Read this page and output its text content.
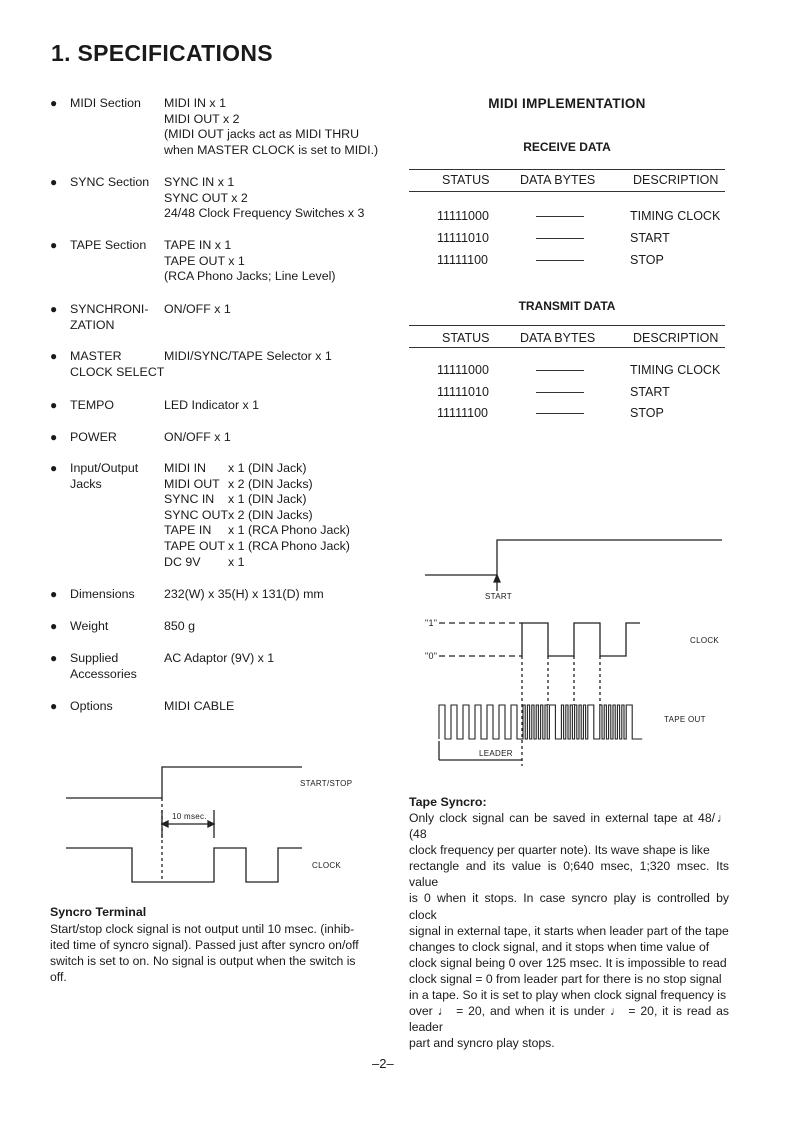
1. SPECIFICATIONS
● MIDI Section MIDI IN x 1
MIDI OUT x 2
(MIDI OUT jacks act as MIDI THRU
when MASTER CLOCK is set to MIDI.)
● SYNC Section SYNC IN x 1
SYNC OUT x 2
24/48 Clock Frequency Switches x 3
● TAPE Section TAPE IN x 1
TAPE OUT x 1
(RCA Phono Jacks; Line Level)
● SYNCHRONI-
ZATION
ON/OFF x 1
● MASTER
CLOCK SELECT
MIDI/SYNC/TAPE Selector x 1
● TEMPO	LED Indicator x 1
● POWER	ON/OFF x 1
● Input/Output
Jacks
MIDI IN x 1 (DIN Jack)
MIDI OUT x 2 (DIN Jacks)
SYNC IN x 1 (DIN Jack)
SYNC OUTx 2 (DIN Jacks)
TAPE IN x 1 (RCA Phono Jack)
TAPE OUT x 1 (RCA Phono Jack)
DC 9V x 1
● Dimensions 232(W) x 35(H) x 131(D) mm
● Weight	850 g
● Supplied
Accessories
AC Adaptor (9V) x 1
● Options	MIDI CABLE
MIDI IMPLEMENTATION
RECEIVE DATA
STATUS DATA BYTES	DESCRIPTION
11111000	TIMING CLOCK
11111010	START
11111100	STOP
TRANSMIT DATA
STATUS DATA BYTES	DESCRIPTION
11111000	TIMING CLOCK
11111010	START
11111100	STOP
START
"1"
"0"
CLOCK
TAPE OUT
LEADER
START/STOP
10 msec.
CLOCK
Syncro Terminal
Start/stop clock signal is not output until 10 msec. (inhib-
ited time of syncro signal). Passed just after syncro on/off
switch is set to on. No signal is output when the switch is
off.
Tape Syncro:
Only clock signal can be saved in external tape at 48/♩ (48
clock frequency per quarter note). Its wave shape is like
rectangle and its value is 0;640 msec, 1;320 msec. Its value
is 0 when it stops. In case syncro play is controlled by clock
signal in external tape, it starts when leader part of the tape
changes to clock signal, and it stops when time value of
clock signal being 0 over 125 msec. It is impossible to read
clock signal = 0 from leader part for there is no stop signal
in a tape. So it is set to play when clock signal frequency is
over ♩ = 20, and when it is under ♩ = 20, it is read as leader
part and syncro play stops.
–2–
